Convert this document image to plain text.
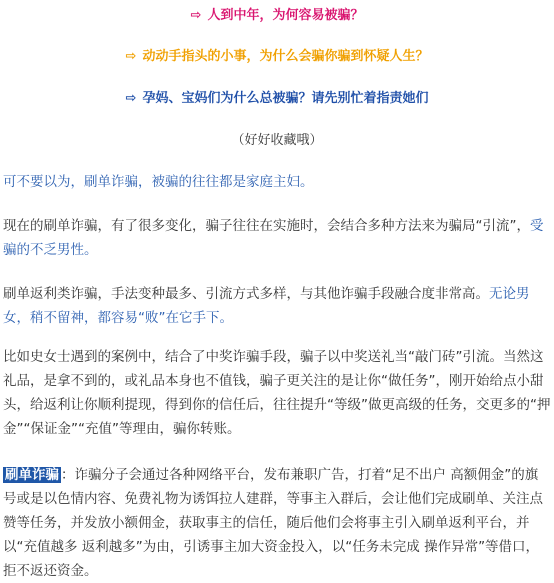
⇨ 人到中年，为何容易被骗？
⇨ 动动手指头的小事，为什么会骗你骗到怀疑人生？
⇨ 孕妈、宝妈们为什么总被骗？请先别忙着指责她们
（好好收藏哦）

可不要以为，刷单诈骗，被骗的往往都是家庭主妇。

现在的刷单诈骗，有了很多变化，骗子往往在实施时，会结合多种方法来为骗局“引流”，受骗的不乏男性。

刷单返利类诈骗，手法变种最多、引流方式多样，与其他诈骗手段融合度非常高。无论男女，稍不留神，都容易“败”在它手下。

比如史女士遇到的案例中，结合了中奖诈骗手段，骗子以中奖送礼当“敲门砖”引流。当然这礼品，是拿不到的，或礼品本身也不值钱，骗子更关注的是让你“做任务”，刚开始给点小甜头，给返利让你顺利提现，得到你的信任后，往往提升“等级”做更高级的任务，交更多的“押金”“保证金”“充值”等理由，骗你转账。

刷单诈骗 ：诈骗分子会通过各种网络平台，发布兼职广告，打着“足不出户 高额佣金”的旗号或是以色情内容、免费礼物为诱饵拉人建群，等事主入群后，会让他们完成刷单、关注点赞等任务，并发放小额佣金，获取事主的信任，随后他们会将事主引入刷单返利平台，并以“充值越多 返利越多”为由，引诱事主加大资金投入，以“任务未完成 操作异常”等借口，拒不返还资金。
